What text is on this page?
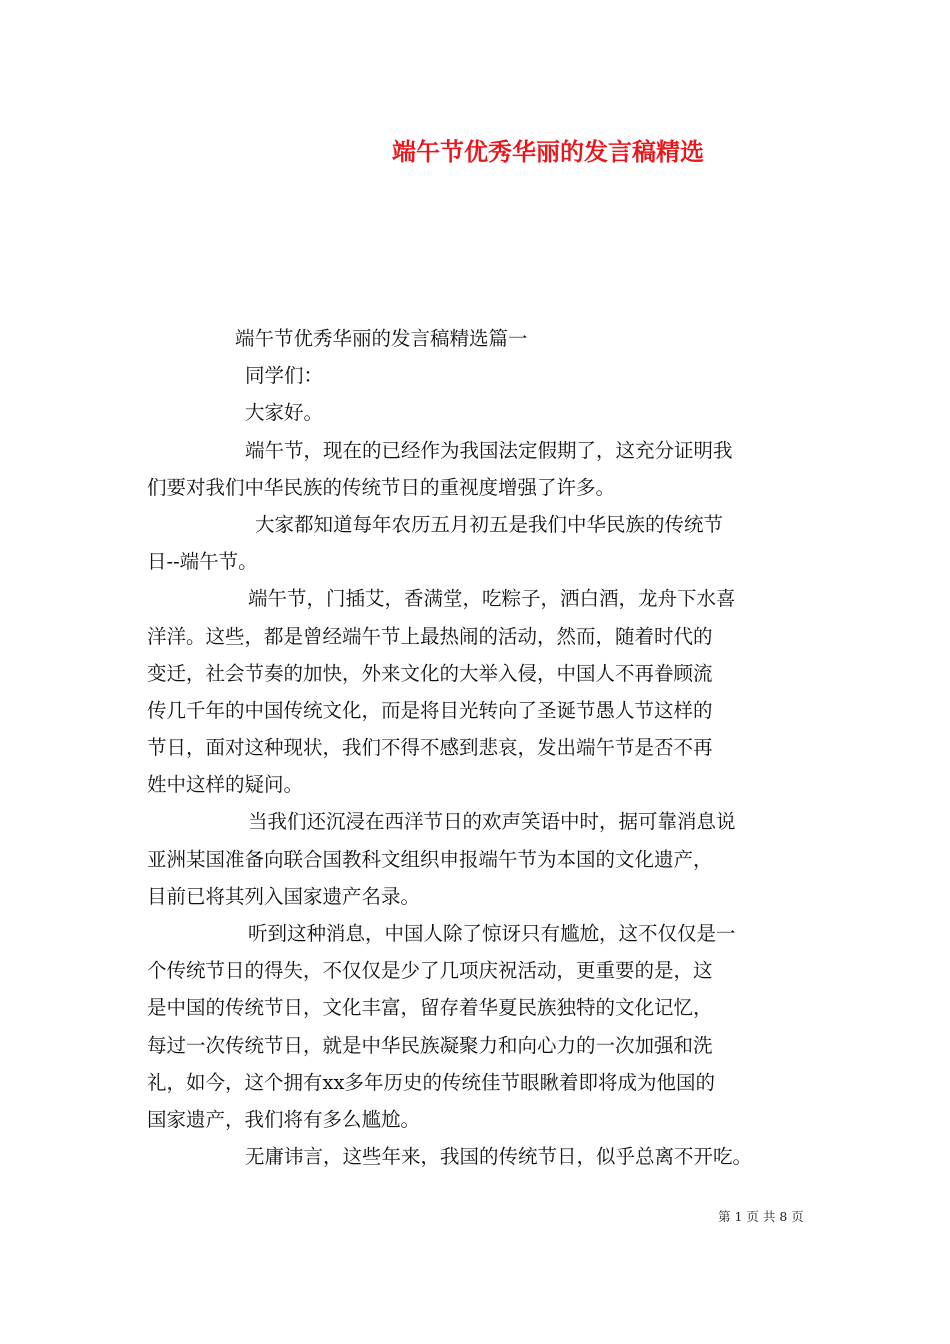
端午节优秀华丽的发言稿精选
端午节优秀华丽的发言稿精选篇一
同学们：
大家好。
端午节，现在的已经作为我国法定假期了，这充分证明我
们要对我们中华民族的传统节日的重视度增强了许多。
大家都知道每年农历五月初五是我们中华民族的传统节
日--端午节。
端午节，门插艾，香满堂，吃粽子，洒白酒，龙舟下水喜
洋洋。这些，都是曾经端午节上最热闹的活动，然而，随着时代的
变迁，社会节奏的加快，外来文化的大举入侵，中国人不再眷顾流
传几千年的中国传统文化，而是将目光转向了圣诞节愚人节这样的
节日，面对这种现状，我们不得不感到悲哀，发出端午节是否不再
姓中这样的疑问。
当我们还沉浸在西洋节日的欢声笑语中时，据可靠消息说
亚洲某国准备向联合国教科文组织申报端午节为本国的文化遗产，
目前已将其列入国家遗产名录。
听到这种消息，中国人除了惊讶只有尴尬，这不仅仅是一
个传统节日的得失，不仅仅是少了几项庆祝活动，更重要的是，这
是中国的传统节日，文化丰富，留存着华夏民族独特的文化记忆，
每过一次传统节日，就是中华民族凝聚力和向心力的一次加强和洗
礼，如今，这个拥有xx多年历史的传统佳节眼瞅着即将成为他国的
国家遗产，我们将有多么尴尬。
无庸讳言，这些年来，我国的传统节日，似乎总离不开吃。
第 1 页 共 8 页
